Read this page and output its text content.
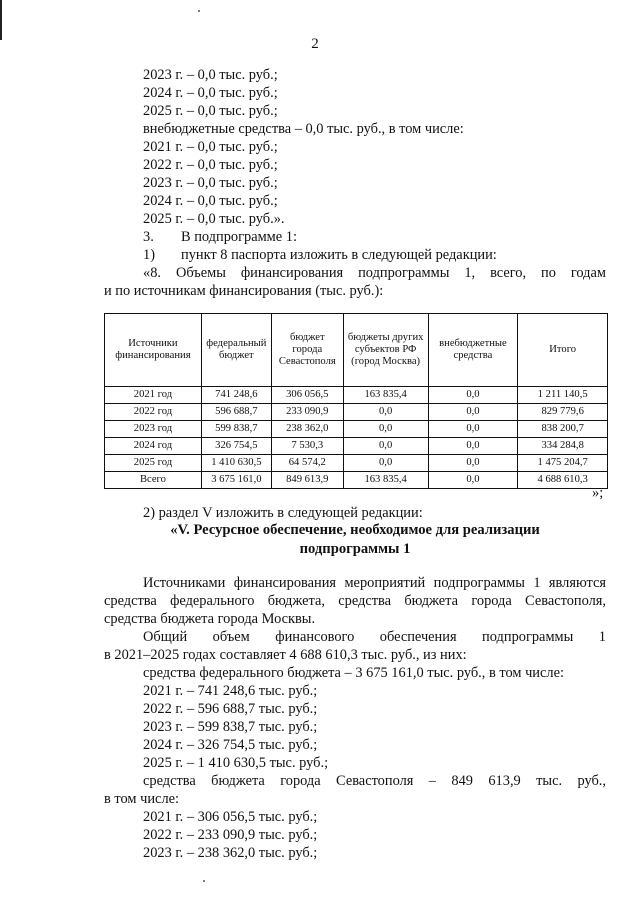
2
2023 г. – 0,0 тыс. руб.;
2024 г. – 0,0 тыс. руб.;
2025 г. – 0,0 тыс. руб.;
внебюджетные средства – 0,0 тыс. руб., в том числе:
2021 г. – 0,0 тыс. руб.;
2022 г. – 0,0 тыс. руб.;
2023 г. – 0,0 тыс. руб.;
2024 г. – 0,0 тыс. руб.;
2025 г. – 0,0 тыс. руб.».
3. В подпрограмме 1:
1) пункт 8 паспорта изложить в следующей редакции:
«8. Объемы финансирования подпрограммы 1, всего, по годам
и по источникам финансирования (тыс. руб.):
Источники финансирования	федеральный бюджет	бюджет города Севастополя	бюджеты других субъектов РФ (город Москва)	внебюджетные средства	Итого
2021 год	741 248,6	306 056,5	163 835,4	0,0	1 211 140,5
2022 год	596 688,7	233 090,9	0,0	0,0	829 779,6
2023 год	599 838,7	238 362,0	0,0	0,0	838 200,7
2024 год	326 754,5	7 530,3	0,0	0,0	334 284,8
2025 год	1 410 630,5	64 574,2	0,0	0,0	1 475 204,7
Всего	3 675 161,0	849 613,9	163 835,4	0,0	4 688 610,3
»;
2) раздел V изложить в следующей редакции:
«V. Ресурсное обеспечение, необходимое для реализации
подпрограммы 1
Источниками финансирования мероприятий подпрограммы 1 являются
средства федерального бюджета, средства бюджета города Севастополя,
средства бюджета города Москвы.
Общий объем финансового обеспечения подпрограммы 1
в 2021–2025 годах составляет 4 688 610,3 тыс. руб., из них:
средства федерального бюджета – 3 675 161,0 тыс. руб., в том числе:
2021 г. – 741 248,6 тыс. руб.;
2022 г. – 596 688,7 тыс. руб.;
2023 г. – 599 838,7 тыс. руб.;
2024 г. – 326 754,5 тыс. руб.;
2025 г. – 1 410 630,5 тыс. руб.;
средства бюджета города Севастополя – 849 613,9 тыс. руб.,
в том числе:
2021 г. – 306 056,5 тыс. руб.;
2022 г. – 233 090,9 тыс. руб.;
2023 г. – 238 362,0 тыс. руб.;
